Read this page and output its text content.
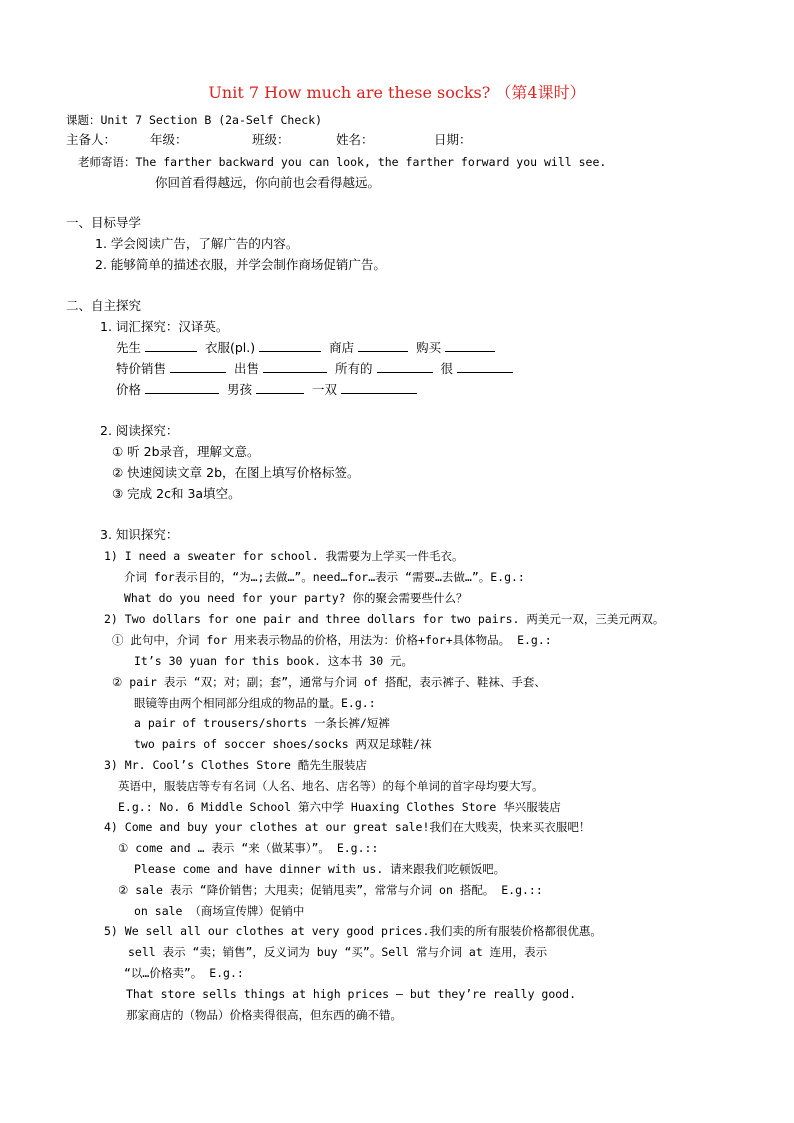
Unit 7 How much are these socks? （第4课时）
课题：Unit 7 Section B (2a-Self Check)
主备人：	年级：	班级：	姓名：	日期：
老师寄语：The farther backward you can look, the farther forward you will see.
你回首看得越远，你向前也会看得越远。
一、目标导学
1. 学会阅读广告，了解广告的内容。
2. 能够简单的描述衣服，并学会制作商场促销广告。
二、自主探究
1. 词汇探究：汉译英。
先生	衣服(pl.)	商店	购买
特价销售	出售	所有的	很
价格	男孩	一双
2. 阅读探究：
① 听 2b录音，理解文意。
② 快速阅读文章 2b，在图上填写价格标签。
③ 完成 2c和 3a填空。
3. 知识探究：
1) I need a sweater for school. 我需要为上学买一件毛衣。
介词 for表示目的，“为…;去做…”。need…for…表示 “需要…去做…”。E.g.:
What do you need for your party? 你的聚会需要些什么？
2) Two dollars for one pair and three dollars for two pairs. 两美元一双，三美元两双。
① 此句中，介词 for 用来表示物品的价格，用法为：价格+for+具体物品。 E.g.:
It’s 30 yuan for this book. 这本书 30 元。
② pair 表示 “双；对；副；套”，通常与介词 of 搭配，表示裤子、鞋袜、手套、
眼镜等由两个相同部分组成的物品的量。E.g.:
a pair of trousers/shorts 一条长裤/短裤
two pairs of soccer shoes/socks 两双足球鞋/袜
3) Mr. Cool’s Clothes Store 酷先生服装店
英语中，服装店等专有名词（人名、地名、店名等）的每个单词的首字母均要大写。
E.g.: No. 6 Middle School 第六中学 Huaxing Clothes Store 华兴服装店
4) Come and buy your clothes at our great sale!我们在大贱卖，快来买衣服吧！
① come and … 表示 “来（做某事）”。 E.g.::
Please come and have dinner with us. 请来跟我们吃顿饭吧。
② sale 表示 “降价销售；大甩卖；促销甩卖”，常常与介词 on 搭配。 E.g.::
on sale （商场宣传牌）促销中
5) We sell all our clothes at very good prices.我们卖的所有服装价格都很优惠。
sell 表示 “卖；销售”，反义词为 buy “买”。Sell 常与介词 at 连用，表示
“以…价格卖”。 E.g.:
That store sells things at high prices — but they’re really good.
那家商店的（物品）价格卖得很高，但东西的确不错。
